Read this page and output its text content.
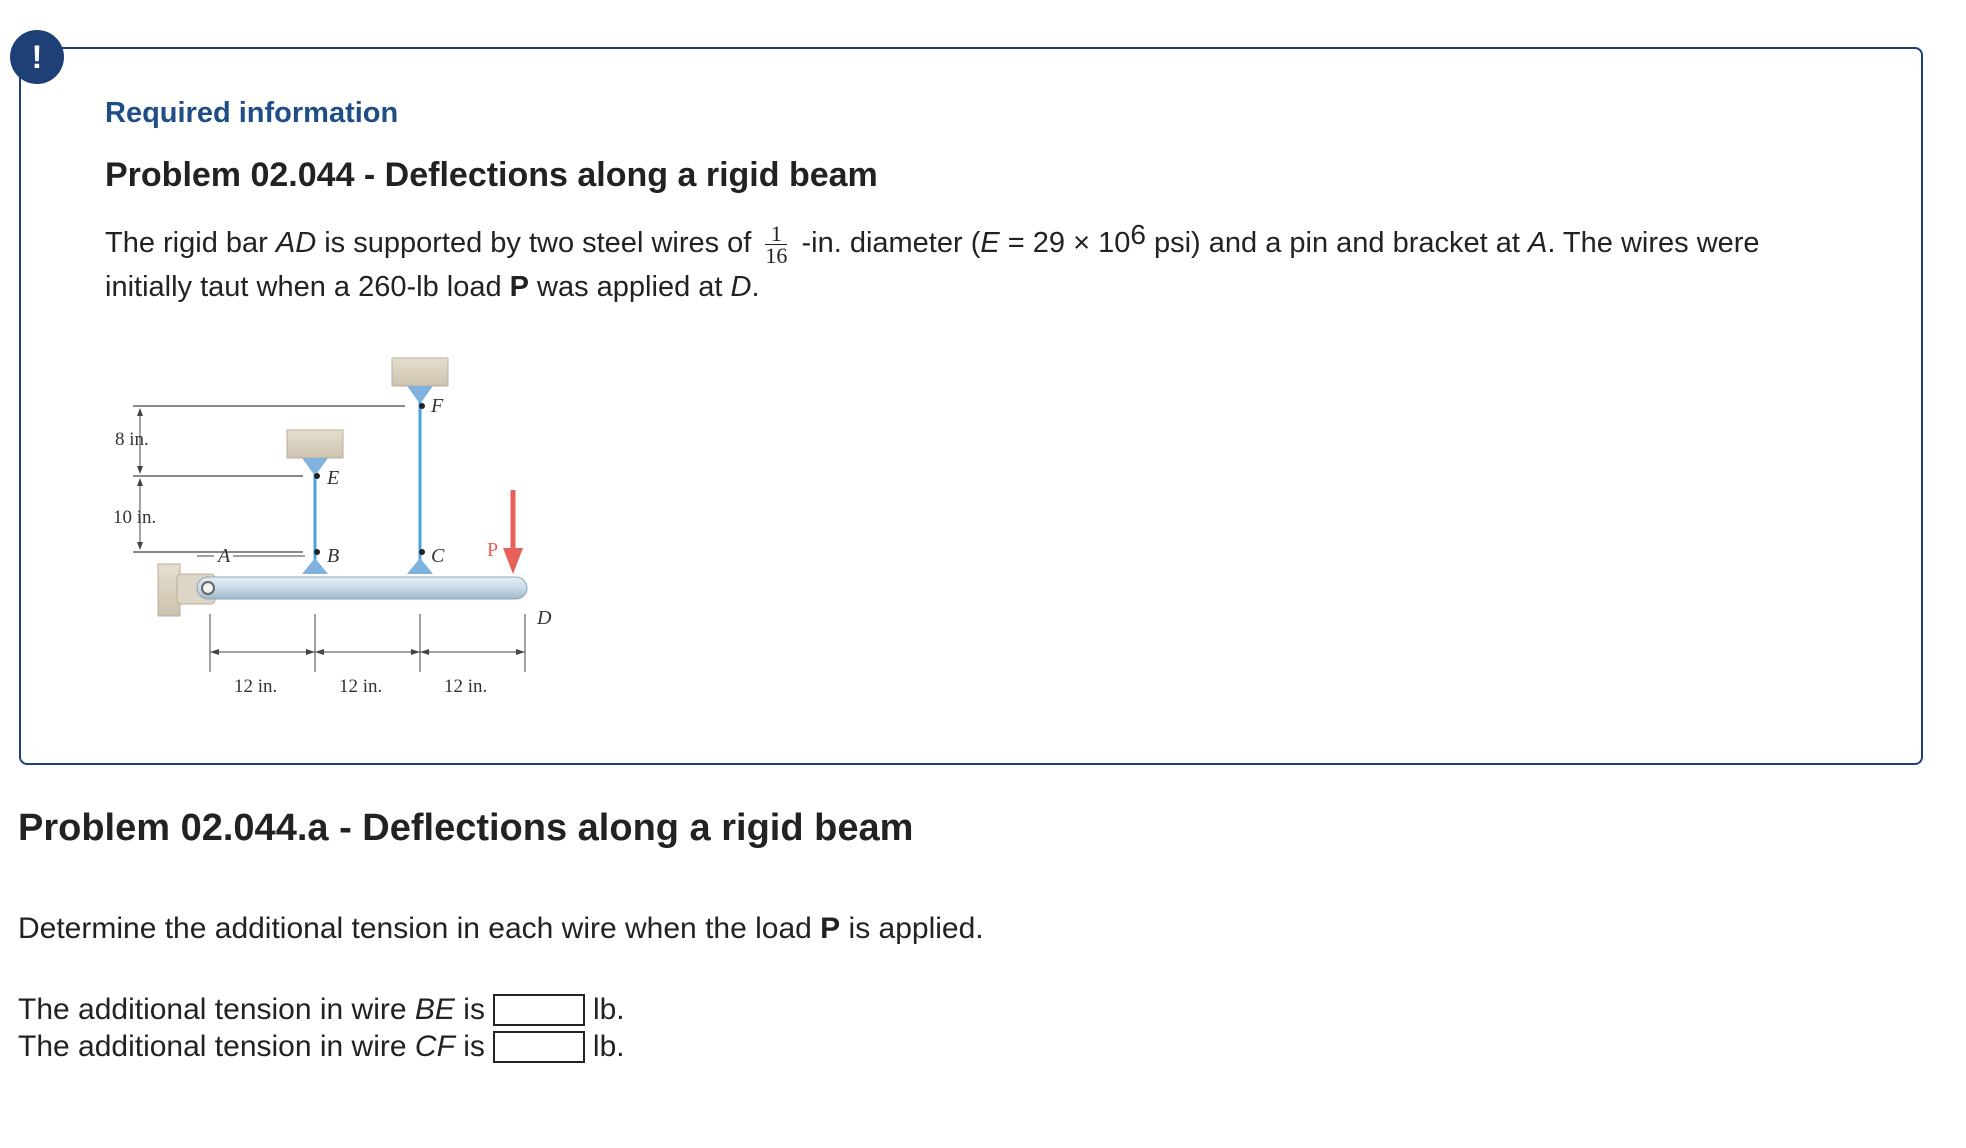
!
Required information
Problem 02.044 - Deflections along a rigid beam
The rigid bar AD is supported by two steel wires of $\frac{1}{16} -in$. diameter ($E = 29 \times 10^6$ psi) and a pin and bracket at A. The wires were initially taut when a 260-lb load P was applied at D.
8 in.
10 in.
F
E
A	B	C P
D
12 in.	12 in.	12 in.
Problem 02.044.a - Deflections along a rigid beam
Determine the additional tension in each wire when the load P is applied.
The additional tension in wire BE is	lb.
The additional tension in wire CF is	lb.
